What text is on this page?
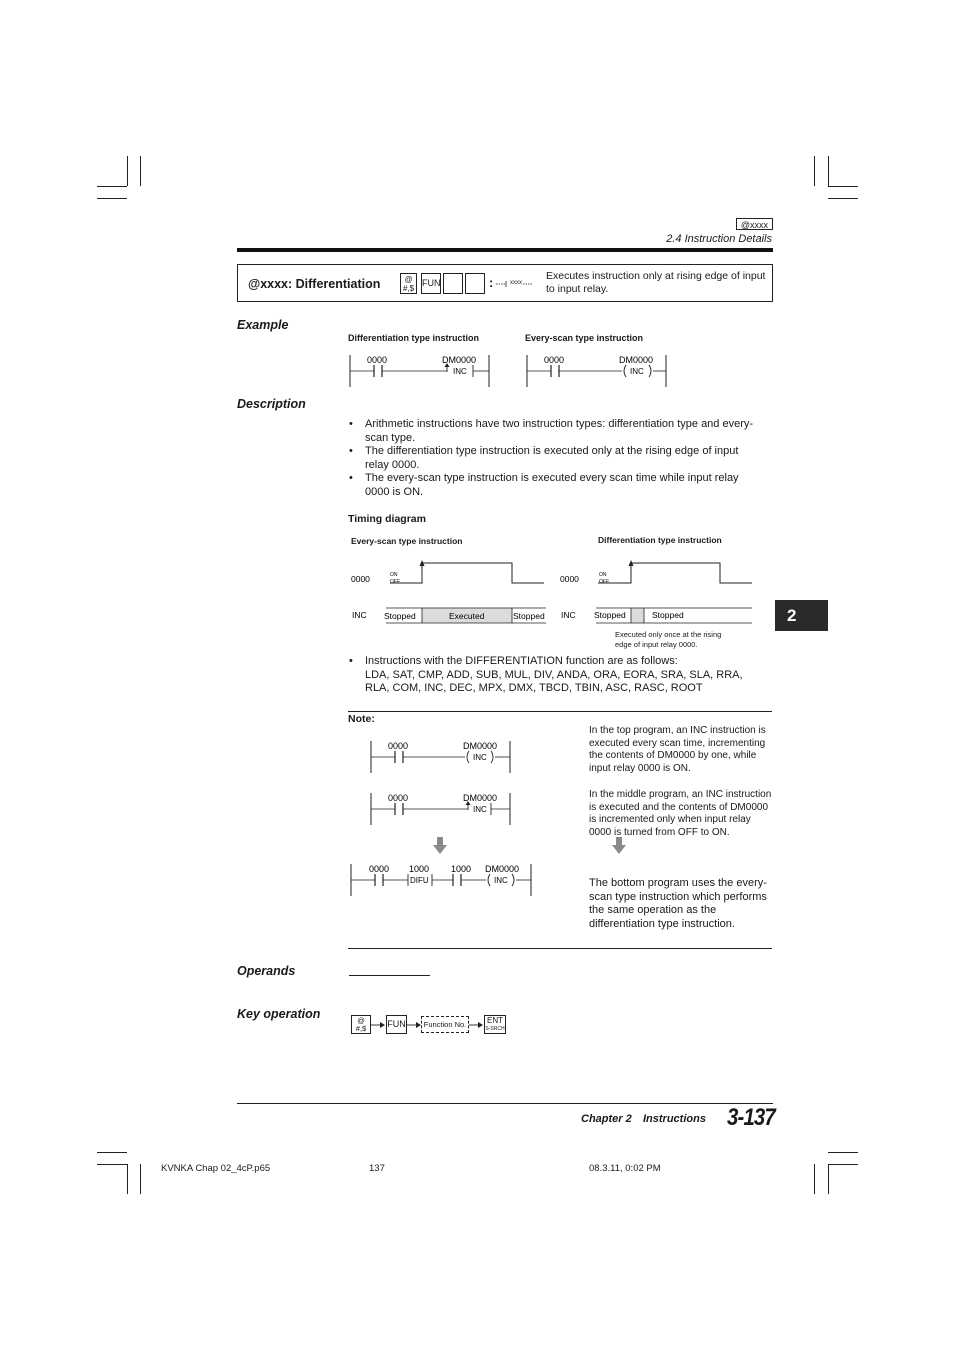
@xxxx
2.4 Instruction Details
@xxxx: Differentiation	@
#,$
FUN	:	xxxx
Executes instruction only at rising edge of input to input relay.
Example
Differentiation type instruction	Every-scan type instruction
0000	DM0000
INC
0000	DM0000
INC
Description
• Arithmetic instructions have two instruction types: differentiation type and every-scan type.
• The differentiation type instruction is executed only at the rising edge of input relay 0000.
• The every-scan type instruction is executed every scan time while input relay 0000 is ON.
Timing diagram
Every-scan type instruction	Differentiation type instruction
0000	ON
OFF
INC Stopped	Executed	Stopped
0000	ON
OFF
INC Stopped	Stopped
Executed only once at the rising
edge of input relay 0000.
• Instructions with the DIFFERENTIATION function are as follows:
LDA, SAT, CMP, ADD, SUB, MUL, DIV, ANDA, ORA, EORA, SRA, SLA, RRA,
RLA, COM, INC, DEC, MPX, DMX, TBCD, TBIN, ASC, RASC, ROOT
Note:
0000	DM0000
INC
0000	DM0000
INC
0000 1000
DIFU
1000 DM0000
INC
In the top program, an INC instruction is executed every scan time, incrementing the contents of DM0000 by one, while input relay 0000 is ON.
In the middle program, an INC instruction is executed and the contents of DM0000 is incremented only when input relay 0000 is turned from OFF to ON.
The bottom program uses the every-scan type instruction which performs the same operation as the differentiation type instruction.
Operands
Key operation	@
#,$	FUN	Function No.	ENT
S-SRCH
2
Chapter 2 Instructions 3-137
KVNKA Chap 02_4cP.p65	137	08.3.11, 0:02 PM
